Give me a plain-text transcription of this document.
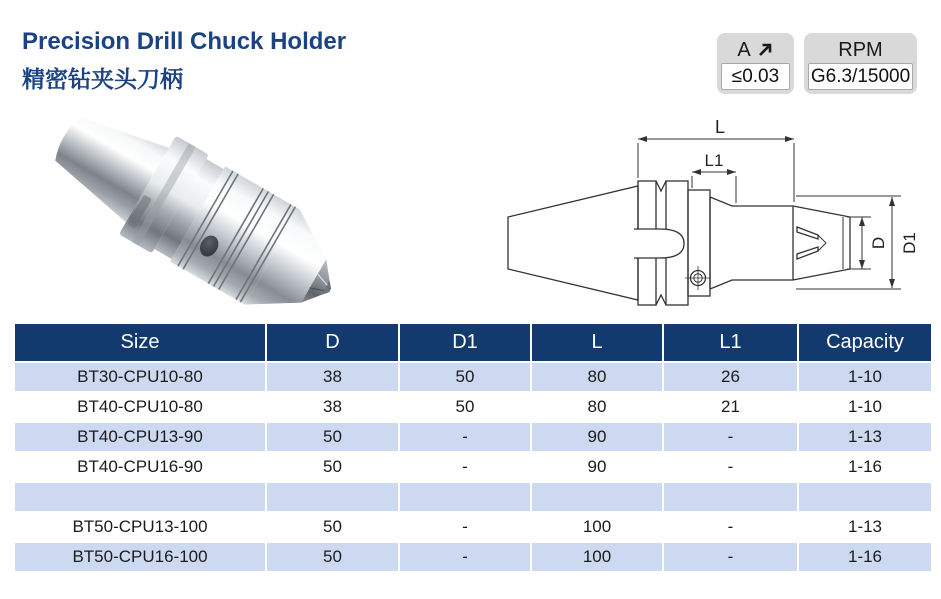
Precision Drill Chuck Holder
精密钻夹头刀柄
A
≤0.03
RPM
G6.3/15000
L
L1
D D1
Size	D	D1	L	L1	Capacity
BT30-CPU10-80	38	50	80	26	1-10
BT40-CPU10-80	38	50	80	21	1-10
BT40-CPU13-90	50	-	90	-	1-13
BT40-CPU16-90	50	-	90	-	1-16

BT50-CPU13-100	50	-	100	-	1-13
BT50-CPU16-100	50	-	100	-	1-16
